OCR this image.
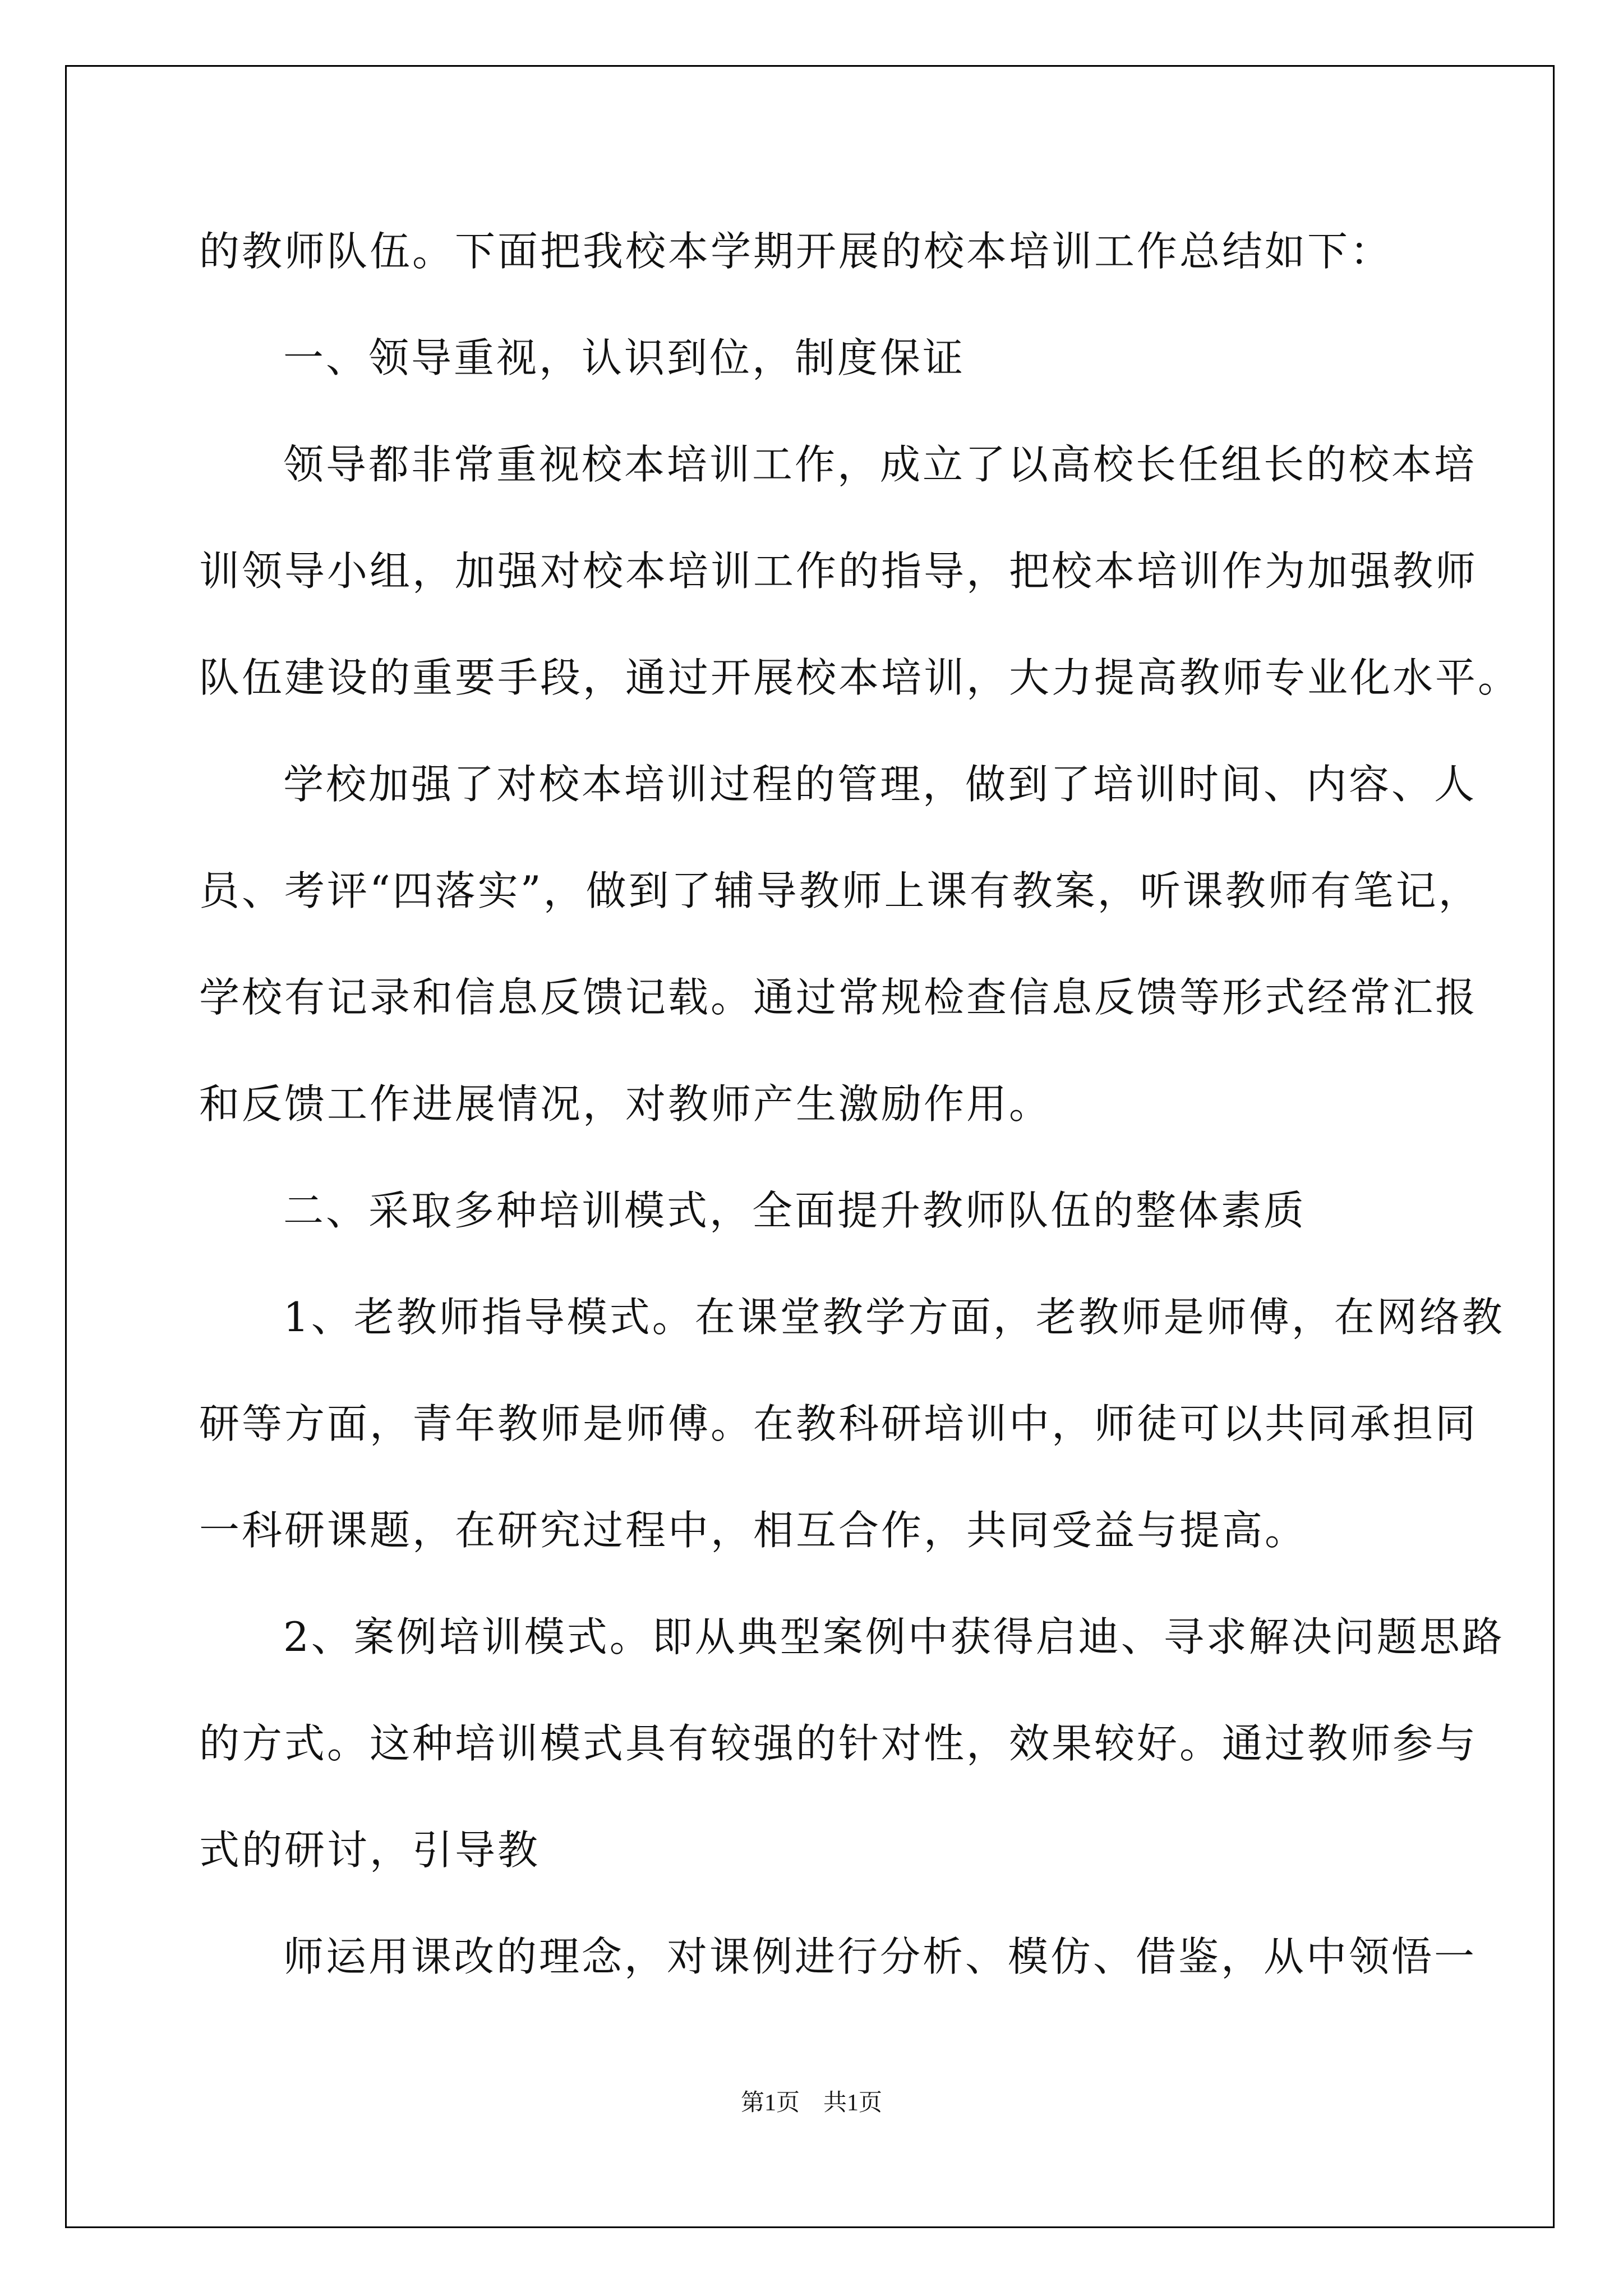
的教师队伍。下面把我校本学期开展的校本培训工作总结如下：
一、领导重视，认识到位，制度保证
领导都非常重视校本培训工作，成立了以高校长任组长的校本培
训领导小组，加强对校本培训工作的指导，把校本培训作为加强教师
队伍建设的重要手段，通过开展校本培训，大力提高教师专业化水平。
学校加强了对校本培训过程的管理，做到了培训时间、内容、人
员、考评“四落实”，做到了辅导教师上课有教案，听课教师有笔记，
学校有记录和信息反馈记载。通过常规检查信息反馈等形式经常汇报
和反馈工作进展情况，对教师产生激励作用。
二、采取多种培训模式，全面提升教师队伍的整体素质
1、老教师指导模式。在课堂教学方面，老教师是师傅，在网络教
研等方面，青年教师是师傅。在教科研培训中，师徒可以共同承担同
一科研课题，在研究过程中，相互合作，共同受益与提高。
2、案例培训模式。即从典型案例中获得启迪、寻求解决问题思路
的方式。这种培训模式具有较强的针对性，效果较好。通过教师参与
式的研讨，引导教
师运用课改的理念，对课例进行分析、模仿、借鉴，从中领悟一
第1页　共1页
